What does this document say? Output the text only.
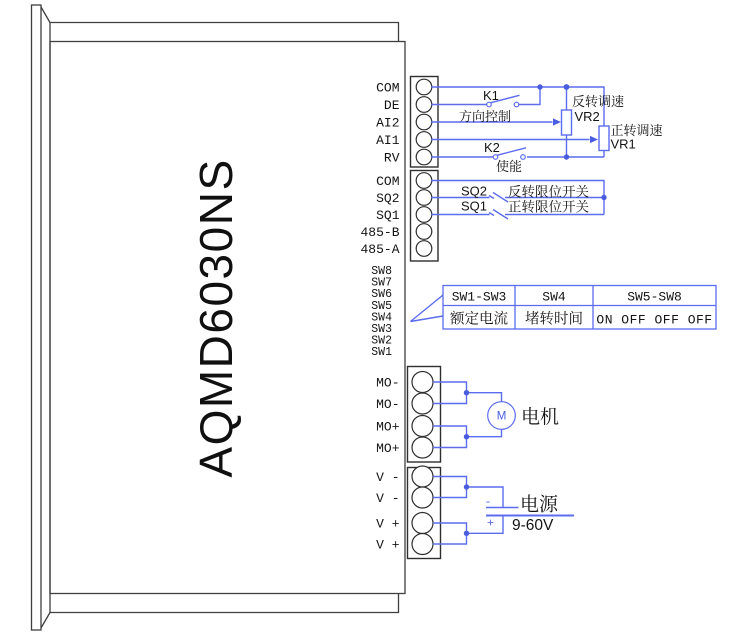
AQMD6030NS
COM
DE
AI2
AI1
RV
COM
SQ2
SQ1
485-B
485-A
SW8
SW7
SW6
SW5
SW4
SW3
SW2
SW1
MO-
MO-
MO+
MO+
V -
V -
V +
V +
K1
方向控制
K2
使能
反转调速
VR2
正转调速
VR1
SQ2 反转限位开关
SQ1 正转限位开关
SW1-SW3	SW4	SW5-SW8
额定电流 堵转时间 ON OFF OFF OFF
M 电机
-
+
电源
9-60V
